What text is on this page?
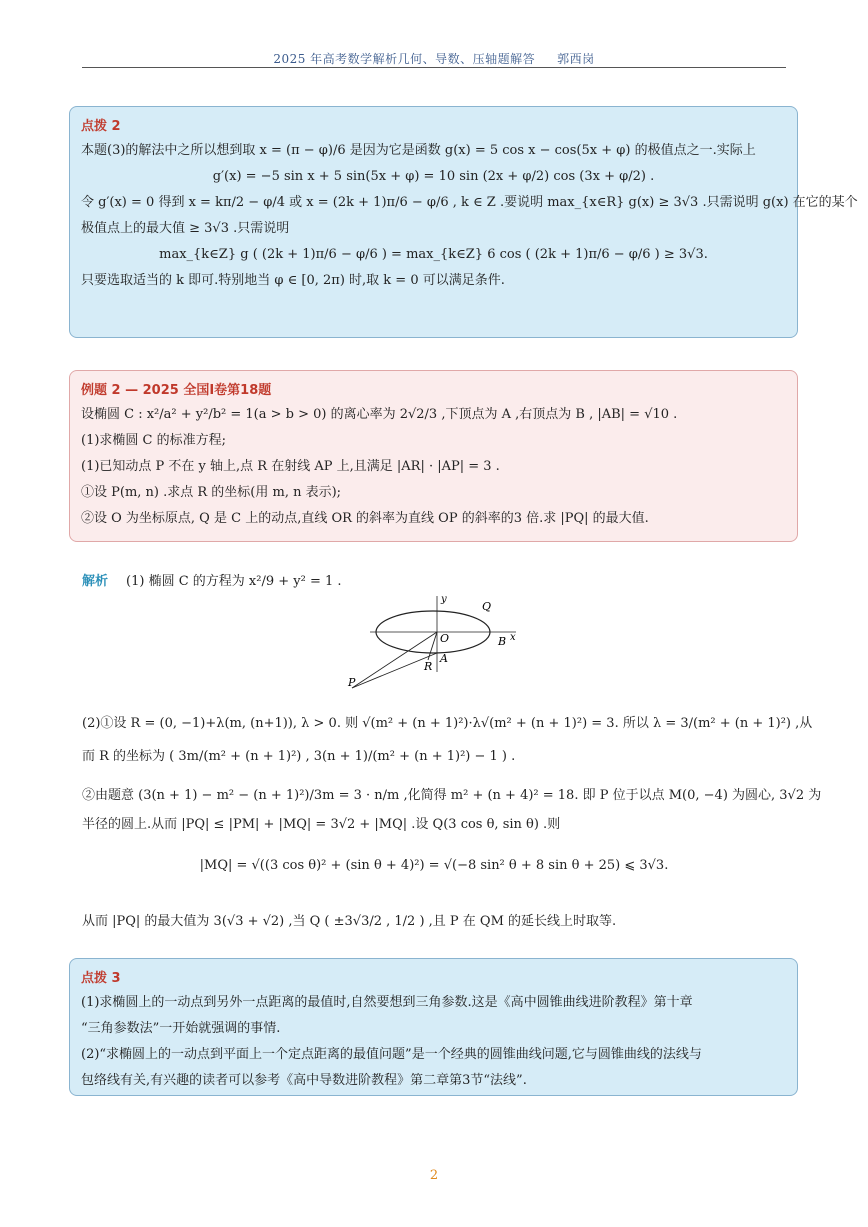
2025 年高考数学解析几何、导数、压轴题解答 郭西岗
点拨 2
本题(3)的解法中之所以想到取 x = (π − φ)/6 是因为它是函数 g(x) = 5 cos x − cos(5x + φ) 的极值点之一.实际上
g′(x) = −5 sin x + 5 sin(5x + φ) = 10 sin (2x + φ/2) cos (3x + φ/2) .
令 g′(x) = 0 得到 x = kπ/2 − φ/4 或 x = (2k + 1)π/6 − φ/6 , k ∈ Z .要说明 max_{x∈R} g(x) ≥ 3√3 .只需说明 g(x) 在它的某个
极值点上的最大值 ≥ 3√3 .只需说明
max_{k∈Z} g ( (2k + 1)π/6 − φ/6 ) = max_{k∈Z} 6 cos ( (2k + 1)π/6 − φ/6 ) ≥ 3√3.
只要选取适当的 k 即可.特别地当 φ ∈ [0, 2π) 时,取 k = 0 可以满足条件.
例题 2 — 2025 全国I卷第18题
设椭圆 C : x²/a² + y²/b² = 1(a > b > 0) 的离心率为 2√2/3 ,下顶点为 A ,右顶点为 B , |AB| = √10 .
(1)求椭圆 C 的标准方程;
(1)已知动点 P 不在 y 轴上,点 R 在射线 AP 上,且满足 |AR| · |AP| = 3 .
①设 P(m, n) .求点 R 的坐标(用 m, n 表示);
②设 O 为坐标原点, Q 是 C 上的动点,直线 OR 的斜率为直线 OP 的斜率的3 倍.求 |PQ| 的最大值.
解析 (1) 椭圆 C 的方程为 x²/9 + y² = 1 .
y
Q
O	B x
A
R
P
(2)①设 R = (0, −1)+λ(m, (n+1)), λ > 0. 则 √(m² + (n + 1)²)·λ√(m² + (n + 1)²) = 3. 所以 λ = 3/(m² + (n + 1)²) ,从
而 R 的坐标为 ( 3m/(m² + (n + 1)²) , 3(n + 1)/(m² + (n + 1)²) − 1 ) .
②由题意 (3(n + 1) − m² − (n + 1)²)/3m = 3 · n/m ,化简得 m² + (n + 4)² = 18. 即 P 位于以点 M(0, −4) 为圆心, 3√2 为
半径的圆上.从而 |PQ| ≤ |PM| + |MQ| = 3√2 + |MQ| .设 Q(3 cos θ, sin θ) .则
|MQ| = √((3 cos θ)² + (sin θ + 4)²) = √(−8 sin² θ + 8 sin θ + 25) ⩽ 3√3.
从而 |PQ| 的最大值为 3(√3 + √2) ,当 Q ( ±3√3/2 , 1/2 ) ,且 P 在 QM 的延长线上时取等.
点拨 3
(1)求椭圆上的一动点到另外一点距离的最值时,自然要想到三角参数.这是《高中圆锥曲线进阶教程》第十章
“三角参数法”一开始就强调的事情.
(2)“求椭圆上的一动点到平面上一个定点距离的最值问题”是一个经典的圆锥曲线问题,它与圆锥曲线的法线与
包络线有关,有兴趣的读者可以参考《高中导数进阶教程》第二章第3节“法线”.
2
